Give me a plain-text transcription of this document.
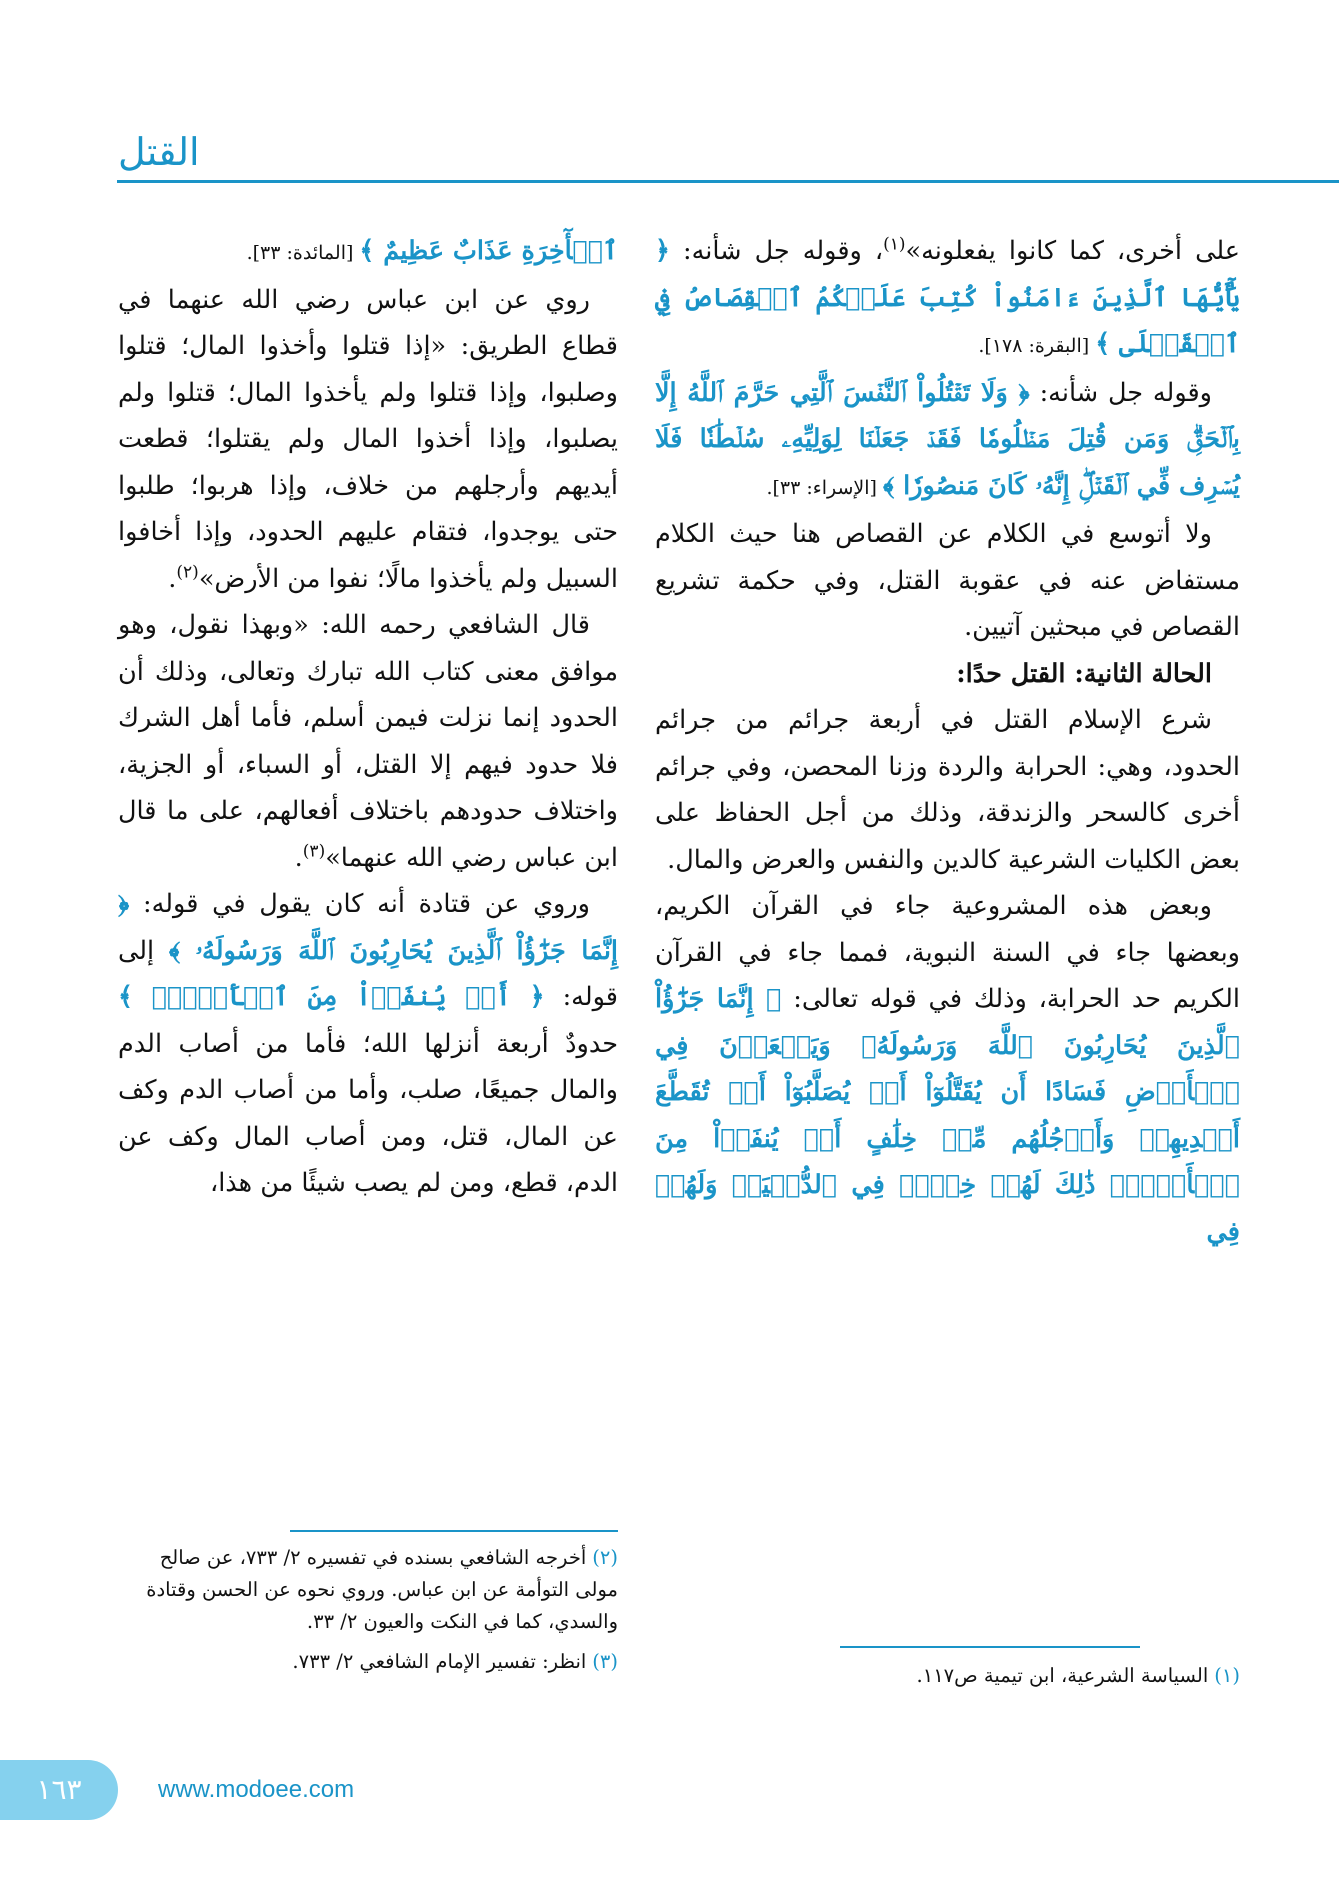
القتل

على أخرى، كما كانوا يفعلونه»$^{(١)}$، وقوله جل شأنه: ﴿ يَٰٓأَيُّهَا ٱلَّذِينَ ءَامَنُواْ كُتِبَ عَلَيۡكُمُ ٱلۡقِصَاصُ فِي ٱلۡقَتۡلَى ﴾ [البقرة: ١٧٨].

وقوله جل شأنه: ﴿ وَلَا تَقۡتُلُواْ ٱلنَّفۡسَ ٱلَّتِي حَرَّمَ ٱللَّهُ إِلَّا بِٱلۡحَقِّۗ وَمَن قُتِلَ مَظۡلُومٗا فَقَدۡ جَعَلۡنَا لِوَلِيِّهِۦ سُلۡطَٰنٗا فَلَا يُسۡرِف فِّي ٱلۡقَتۡلِۖ إِنَّهُۥ كَانَ مَنصُورٗا ﴾ [الإسراء: ٣٣].

ولا أتوسع في الكلام عن القصاص هنا حيث الكلام مستفاض عنه في عقوبة القتل، وفي حكمة تشريع القصاص في مبحثين آتيين.

الحالة الثانية: القتل حدًا:

شرع الإسلام القتل في أربعة جرائم من جرائم الحدود، وهي: الحرابة والردة وزنا المحصن، وفي جرائم أخرى كالسحر والزندقة، وذلك من أجل الحفاظ على بعض الكليات الشرعية كالدين والنفس والعرض والمال.

وبعض هذه المشروعية جاء في القرآن الكريم، وبعضها جاء في السنة النبوية، فمما جاء في القرآن الكريم حد الحرابة، وذلك في قوله تعالى: ﴿ إِنَّمَا جَزَٰٓؤُاْ ٱلَّذِينَ يُحَارِبُونَ ٱللَّهَ وَرَسُولَهُۥ وَيَسۡعَوۡنَ فِي ٱلۡأَرۡضِ فَسَادًا أَن يُقَتَّلُوٓاْ أَوۡ يُصَلَّبُوٓاْ أَوۡ تُقَطَّعَ أَيۡدِيهِمۡ وَأَرۡجُلُهُم مِّنۡ خِلَٰفٍ أَوۡ يُنفَوۡاْ مِنَ ٱلۡأَرۡضِۚ ذَٰلِكَ لَهُمۡ خِزۡيٞ فِي ٱلدُّنۡيَاۖ وَلَهُمۡ فِي

ٱلۡأٓخِرَةِ عَذَابٌ عَظِيمٌ ﴾ [المائدة: ٣٣].

روي عن ابن عباس رضي الله عنهما في قطاع الطريق: «إذا قتلوا وأخذوا المال؛ قتلوا وصلبوا، وإذا قتلوا ولم يأخذوا المال؛ قتلوا ولم يصلبوا، وإذا أخذوا المال ولم يقتلوا؛ قطعت أيديهم وأرجلهم من خلاف، وإذا هربوا؛ طلبوا حتى يوجدوا، فتقام عليهم الحدود، وإذا أخافوا السبيل ولم يأخذوا مالًا؛ نفوا من الأرض»$^{(٢)}$.

قال الشافعي رحمه الله: «وبهذا نقول، وهو موافق معنى كتاب الله تبارك وتعالى، وذلك أن الحدود إنما نزلت فيمن أسلم، فأما أهل الشرك فلا حدود فيهم إلا القتل، أو السباء، أو الجزية، واختلاف حدودهم باختلاف أفعالهم، على ما قال ابن عباس رضي الله عنهما»$^{(٣)}$.

وروي عن قتادة أنه كان يقول في قوله: ﴿ إِنَّمَا جَزَٰٓؤُاْ ٱلَّذِينَ يُحَارِبُونَ ٱللَّهَ وَرَسُولَهُۥ ﴾ إلى قوله: ﴿ أَوۡ يُنفَوۡاْ مِنَ ٱلۡأَرۡضِۚ ﴾ حدودٌ أربعة أنزلها الله؛ فأما من أصاب الدم والمال جميعًا، صلب، وأما من أصاب الدم وكف عن المال، قتل، ومن أصاب المال وكف عن الدم، قطع، ومن لم يصب شيئًا من هذا،

(٢)أخرجه الشافعي بسنده في تفسيره ٢/ ٧٣٣، عن صالح مولى التوأمة عن ابن عباس. وروي نحوه عن الحسن وقتادة والسدي، كما في النكت والعيون ٢/ ٣٣.

(٣)انظر: تفسير الإمام الشافعي ٢/ ٧٣٣.

(١)السياسة الشرعية، ابن تيمية ص١١٧.

١٦٣	www.modoee.com
